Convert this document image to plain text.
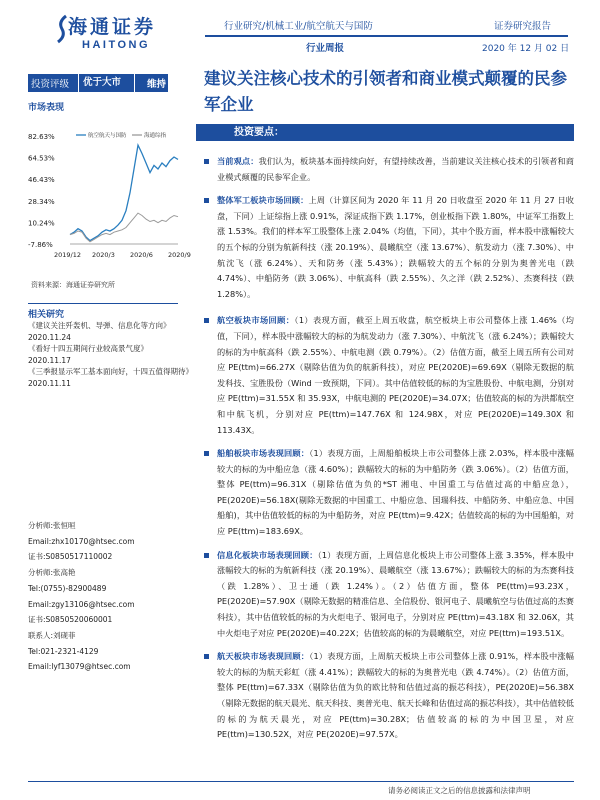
海通证券
HAITONG
行业研究/机械工业/航空航天与国防	证券研究报告
行业周报	2020 年 12 月 02 日
投资评级	优于大市	维持 建议关注核心技术的引领者和商业模式颠覆的民参军企业
市场表现
82.63%
64.53%
46.43%
28.34%
10.24%
-7.86%
2019/12 2020/3 2020/6 2020/9
航空航天与国防	海通综指
资料来源：海通证券研究所
相关研究
《建议关注歼轰机、导弹、信息化等方向》
2020.11.24
《看好十四五期间行业较高景气度》
2020.11.17
《三季报显示军工基本面向好，十四五值得期待》
2020.11.11
分析师:张恒晅
Email:zhx10170@htsec.com
证书:S0850517110002
分析师:张高艳
Tel:(0755)-82900489
Email:zgy13106@htsec.com
证书:S0850520060001
联系人:刘砚菲
Tel:021-2321-4129
Email:lyf13079@htsec.com
投资要点：
当前观点：我们认为，板块基本面持续向好，有望持续改善，当前建议关注核心技术的引领者和商业模式颠覆的民参军企业。
整体军工板块市场回顾：上周（计算区间为 2020 年 11 月 20 日收盘至 2020 年 11 月 27 日收盘，下同）上证综指上涨 0.91%，深证成指下跌 1.17%，创业板指下跌 1.80%，中证军工指数上涨 1.53%。我们的样本军工股整体上涨 2.04%（均值，下同），其中个股方面，样本股中涨幅较大的五个标的分别为航新科技（涨 20.19%）、晨曦航空（涨 13.67%）、航发动力（涨 7.30%）、中航沈飞（涨 6.24%）、天和防务（涨 5.43%）；跌幅较大的五个标的分别为奥普光电（跌 4.74%）、中船防务（跌 3.06%）、中航高科（跌 2.55%）、久之洋（跌 2.52%）、杰赛科技（跌 1.28%）。
航空板块市场回顾：（1）表现方面，截至上周五收盘，航空板块上市公司整体上涨 1.46%（均值，下同），样本股中涨幅较大的标的为航发动力（涨 7.30%）、中航沈飞（涨 6.24%）；跌幅较大的标的为中航高科（跌 2.55%）、中航电测（跌 0.79%）。（2）估值方面，截至上周五所有公司对应 PE(ttm)=66.27X（剔除估值为负的航新科技），对应 PE(2020E)=69.69X（剔除无数据的航发科技、宝胜股份（Wind 一致预期，下同）。其中估值较低的标的为宝胜股份、中航电测，分别对应 PE(ttm)=31.55X 和 35.93X，中航电测的 PE(2020E)=34.07X；估值较高的标的为洪都航空和中航飞机，分别对应 PE(ttm)=147.76X 和 124.98X，对应 PE(2020E)=149.30X 和 113.43X。
船舶板块市场表现回顾：（1）表现方面，上周船舶板块上市公司整体上涨 2.03%，样本股中涨幅较大的标的为中船应急（涨 4.60%）；跌幅较大的标的为中船防务（跌 3.06%）。（2）估值方面，整体 PE(ttm)=96.31X（剔除估值为负的*ST 湘电、中国重工与估值过高的中船应急），PE(2020E)=56.18X(剔除无数据的中国重工、中船应急、国瑞科技、中船防务、中船应急、中国船舶)，其中估值较低的标的为中船防务，对应 PE(ttm)=9.42X；估值较高的标的为中国船舶，对应 PE(ttm)=183.69X。
信息化板块市场表现回顾：（1）表现方面，上周信息化板块上市公司整体上涨 3.35%，样本股中涨幅较大的标的为航新科技（涨 20.19%）、晨曦航空（涨 13.67%）；跌幅较大的标的为杰赛科技（跌 1.28%）、卫士通（跌 1.24%）。（2）估值方面，整体 PE(ttm)=93.23X，PE(2020E)=57.90X（剔除无数据的精准信息、全信股份、银河电子、晨曦航空与估值过高的杰赛科技），其中估值较低的标的为火炬电子、银河电子，分别对应 PE(ttm)=43.18X 和 32.06X，其中火炬电子对应 PE(2020E)=40.22X；估值较高的标的为晨曦航空，对应 PE(ttm)=193.51X。
航天板块市场表现回顾：（1）表现方面，上周航天板块上市公司整体上涨 0.91%，样本股中涨幅较大的标的为航天彩虹（涨 4.41%）；跌幅较大的标的为奥普光电（跌 4.74%）。（2）估值方面，整体 PE(ttm)=67.33X（剔除估值为负的欧比特和估值过高的振芯科技），PE(2020E)=56.38X（剔除无数据的航天晨光、航天科技、奥普光电、航天长峰和估值过高的振芯科技），其中估值较低的标的为航天晨光，对应 PE(ttm)=30.28X；估值较高的标的为中国卫星，对应 PE(ttm)=130.52X，对应 PE(2020E)=97.57X。
请务必阅读正文之后的信息披露和法律声明
